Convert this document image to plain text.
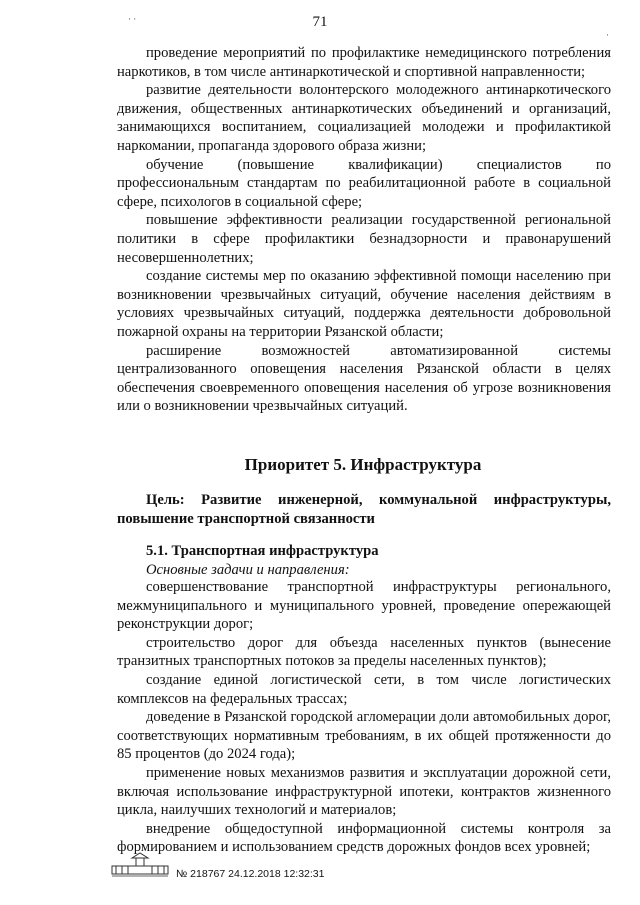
71
· ·
·

проведение мероприятий по профилактике немедицинского потребления наркотиков, в том числе антинаркотической и спортивной направленности;

развитие деятельности волонтерского молодежного антинаркотического движения, общественных антинаркотических объединений и организаций, занимающихся воспитанием, социализацией молодежи и профилактикой наркомании, пропаганда здорового образа жизни;

обучение (повышение квалификации) специалистов по профессиональным стандартам по реабилитационной работе в социальной сфере, психологов в социальной сфере;

повышение эффективности реализации государственной региональной политики в сфере профилактики безнадзорности и правонарушений несовершеннолетних;

создание системы мер по оказанию эффективной помощи населению при возникновении чрезвычайных ситуаций, обучение населения действиям в условиях чрезвычайных ситуаций, поддержка деятельности добровольной пожарной охраны на территории Рязанской области;

расширение возможностей автоматизированной системы централизованного оповещения населения Рязанской области в целях обеспечения своевременного оповещения населения об угрозе возникновения или о возникновении чрезвычайных ситуаций.

Приоритет 5. Инфраструктура

Цель: Развитие инженерной, коммунальной инфраструктуры, повышение транспортной связанности

5.1. Транспортная инфраструктура
Основные задачи и направления:

совершенствование транспортной инфраструктуры регионального, межмуниципального и муниципального уровней, проведение опережающей реконструкции дорог;

строительство дорог для объезда населенных пунктов (вынесение транзитных транспортных потоков за пределы населенных пунктов);

создание единой логистической сети, в том числе логистических комплексов на федеральных трассах;

доведение в Рязанской городской агломерации доли автомобильных дорог, соответствующих нормативным требованиям, в их общей протяженности до 85 процентов (до 2024 года);

применение новых механизмов развития и эксплуатации дорожной сети, включая использование инфраструктурной ипотеки, контрактов жизненного цикла, наилучших технологий и материалов;

внедрение общедоступной информационной системы контроля за формированием и использованием средств дорожных фондов всех уровней;

№ 218767 24.12.2018 12:32:31
